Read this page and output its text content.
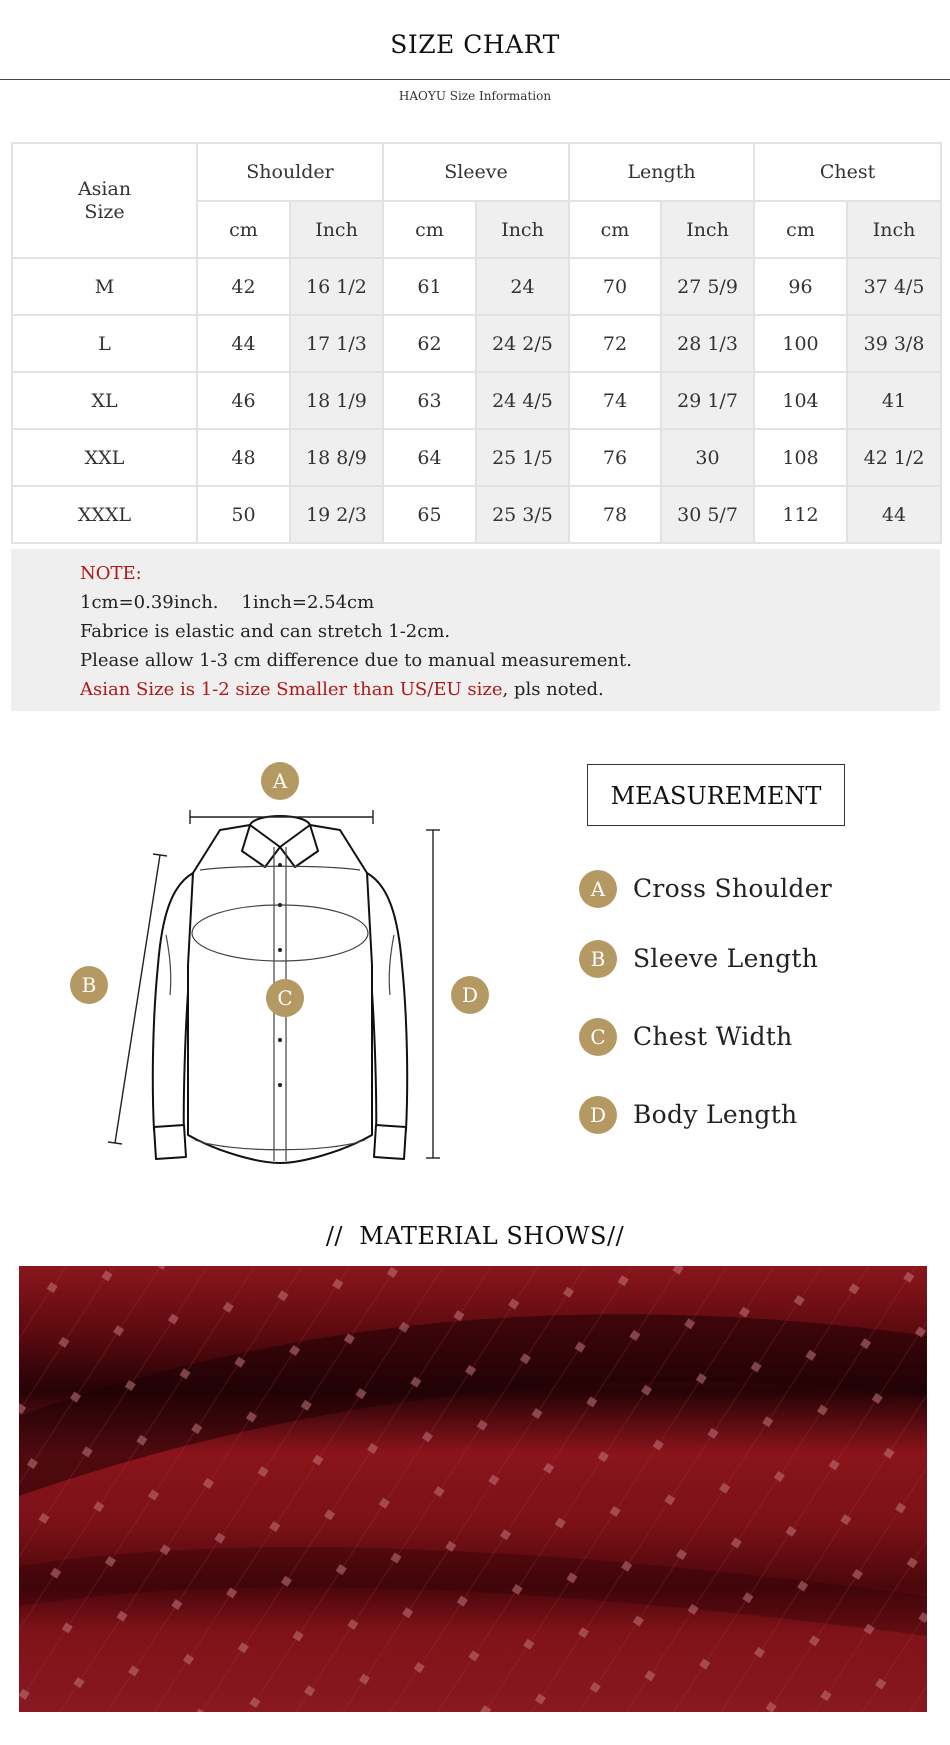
SIZE CHART
HAOYU Size Information
Asian
Size	Shoulder		Sleeve		Length		Chest	
	cm	Inch	cm	Inch	cm	Inch	cm	Inch
M	42	16 1/2	61	24	70	27 5/9	96	37 4/5
L	44	17 1/3	62	24 2/5	72	28 1/3	100	39 3/8
XL	46	18 1/9	63	24 4/5	74	29 1/7	104	41
XXL	48	18 8/9	64	25 1/5	76	30	108	42 1/2
XXXL	50	19 2/3	65	25 3/5	78	30 5/7	112	44
NOTE:
1cm=0.39inch.    1inch=2.54cm
Fabrice is elastic and can stretch 1-2cm.
Please allow 1-3 cm difference due to manual measurement.
Asian Size is 1-2 size Smaller than US/EU size, pls noted.
A
B
C	D
MEASUREMENT
A	Cross Shoulder
B	Sleeve Length
C	Chest Width
D	Body Length
//  MATERIAL SHOWS//
